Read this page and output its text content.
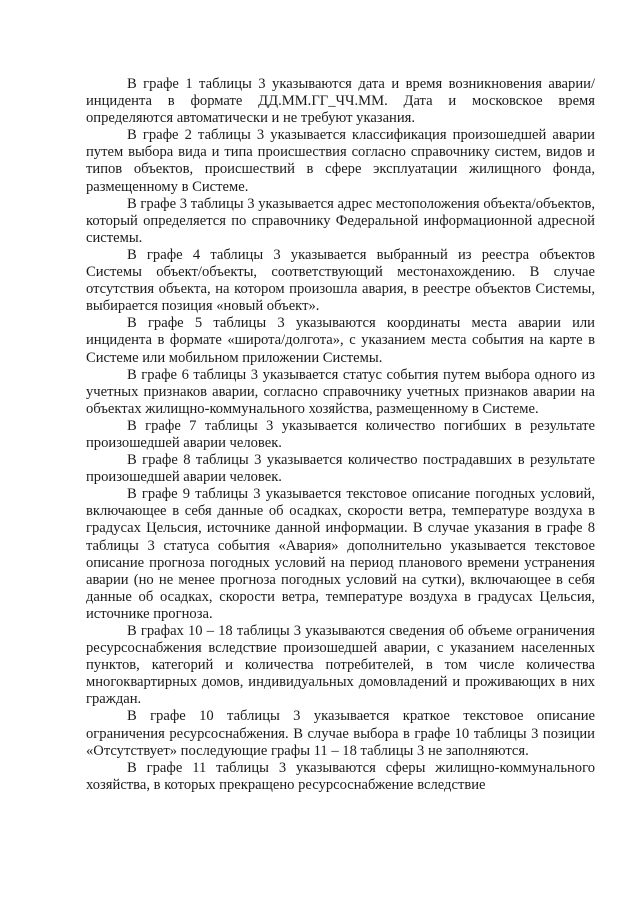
В графе 1 таблицы 3 указываются дата и время возникновения аварии/инцидента в формате ДД.ММ.ГГ_ЧЧ.ММ. Дата и московское время определяются автоматически и не требуют указания.

В графе 2 таблицы 3 указывается классификация произошедшей аварии путем выбора вида и типа происшествия согласно справочнику систем, видов и типов объектов, происшествий в сфере эксплуатации жилищного фонда, размещенному в Системе.

В графе 3 таблицы 3 указывается адрес местоположения объекта/объектов, который определяется по справочнику Федеральной информационной адресной системы.

В графе 4 таблицы 3 указывается выбранный из реестра объектов Системы объект/объекты, соответствующий местонахождению. В случае отсутствия объекта, на котором произошла авария, в реестре объектов Системы, выбирается позиция «новый объект».

В графе 5 таблицы 3 указываются координаты места аварии или инцидента в формате «широта/долгота», с указанием места события на карте в Системе или мобильном приложении Системы.

В графе 6 таблицы 3 указывается статус события путем выбора одного из учетных признаков аварии, согласно справочнику учетных признаков аварии на объектах жилищно-коммунального хозяйства, размещенному в Системе.

В графе 7 таблицы 3 указывается количество погибших в результате произошедшей аварии человек.

В графе 8 таблицы 3 указывается количество пострадавших в результате произошедшей аварии человек.

В графе 9 таблицы 3 указывается текстовое описание погодных условий, включающее в себя данные об осадках, скорости ветра, температуре воздуха в градусах Цельсия, источнике данной информации. В случае указания в графе 8 таблицы 3 статуса события «Авария» дополнительно указывается текстовое описание прогноза погодных условий на период планового времени устранения аварии (но не менее прогноза погодных условий на сутки), включающее в себя данные об осадках, скорости ветра, температуре воздуха в градусах Цельсия, источнике прогноза.

В графах 10 – 18 таблицы 3 указываются сведения об объеме ограничения ресурсоснабжения вследствие произошедшей аварии, с указанием населенных пунктов, категорий и количества потребителей, в том числе количества многоквартирных домов, индивидуальных домовладений и проживающих в них граждан.

В графе 10 таблицы 3 указывается краткое текстовое описание ограничения ресурсоснабжения. В случае выбора в графе 10 таблицы 3 позиции «Отсутствует» последующие графы 11 – 18 таблицы 3 не заполняются.

В графе 11 таблицы 3 указываются сферы жилищно-коммунального хозяйства, в которых прекращено ресурсоснабжение вследствие
